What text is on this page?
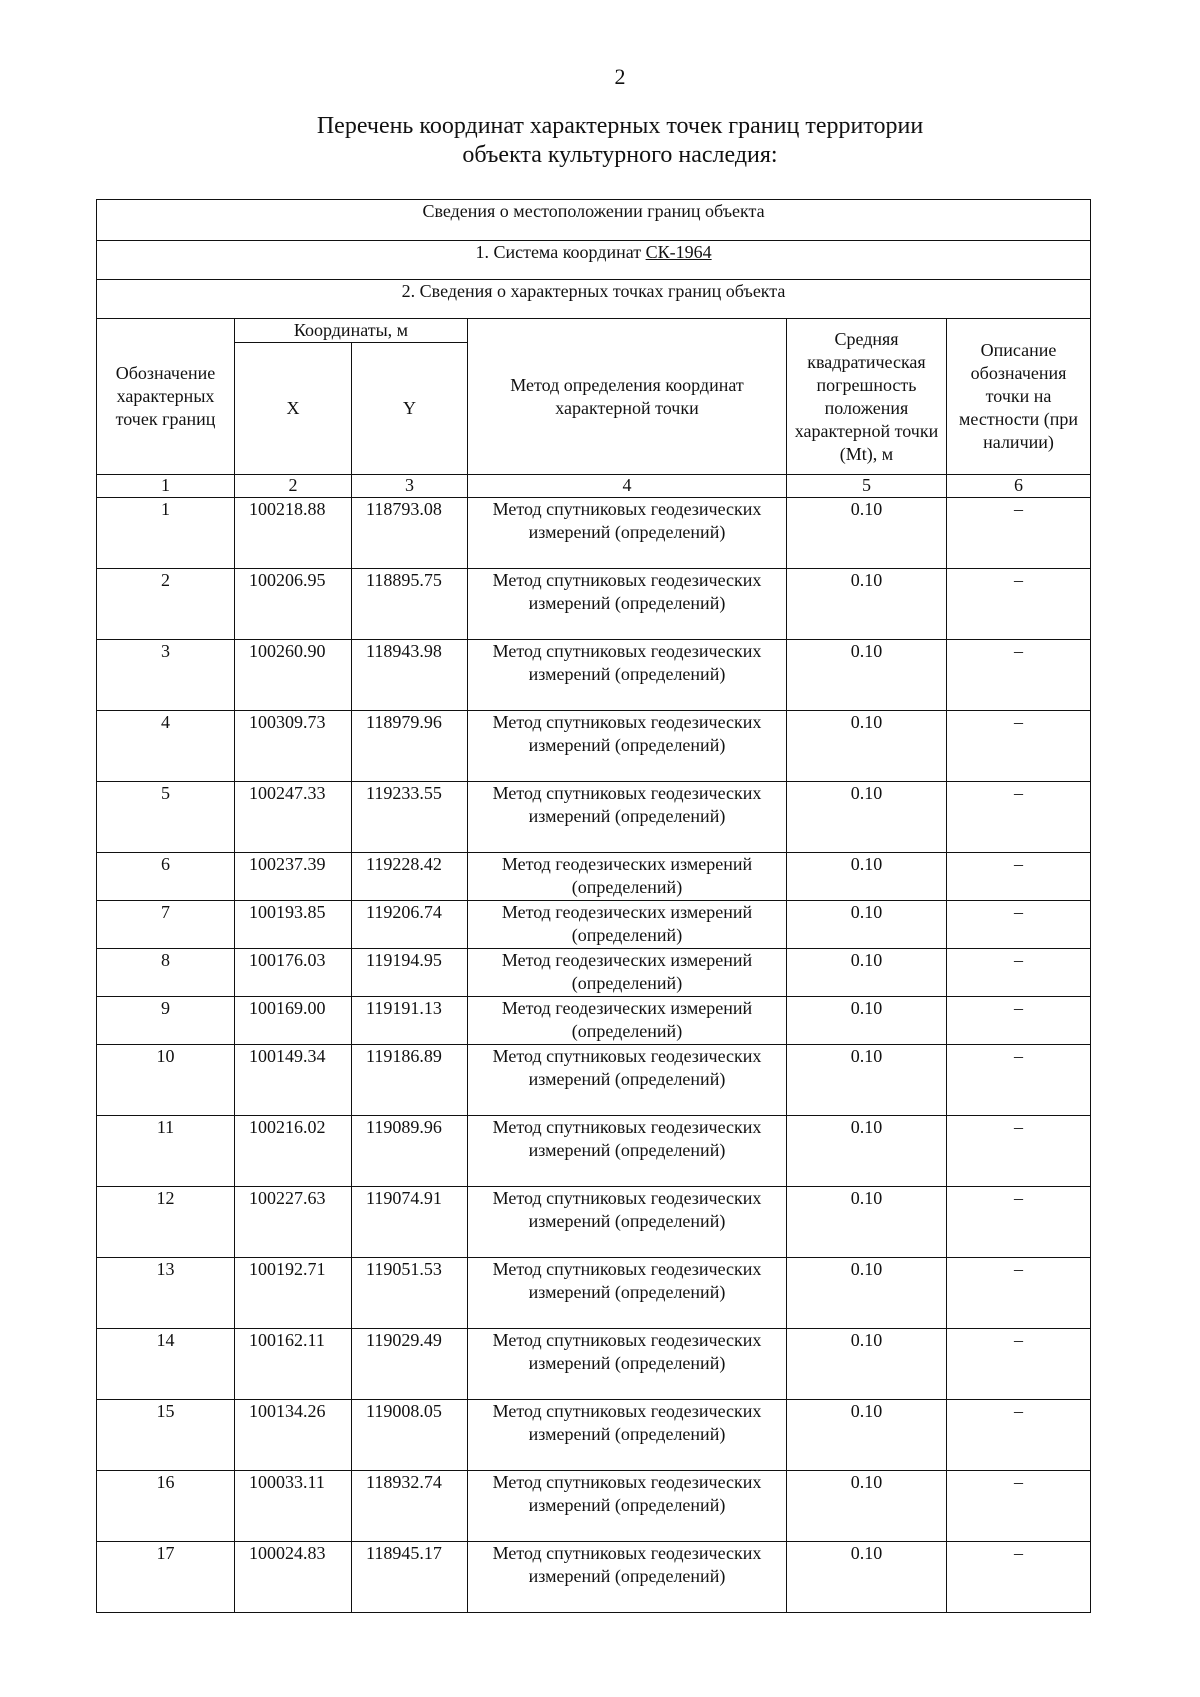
2
Перечень координат характерных точек границ территории
объекта культурного наследия:
Сведения о местоположении границ объекта					
1. Система координат СК-1964					
2. Сведения о характерных точках границ объекта					
Обозначение характерных точек границ	Координаты, м		Метод определения координат характерной точки	Средняя квадратическая погрешность положения характерной точки (Mt), м	Описание обозначения точки на местности (при наличии)
	X	Y			
1	2	3	4	5	6
1	100218.88	118793.08	Метод спутниковых геодезических измерений (определений)	0.10	–
2	100206.95	118895.75	Метод спутниковых геодезических измерений (определений)	0.10	–
3	100260.90	118943.98	Метод спутниковых геодезических измерений (определений)	0.10	–
4	100309.73	118979.96	Метод спутниковых геодезических измерений (определений)	0.10	–
5	100247.33	119233.55	Метод спутниковых геодезических измерений (определений)	0.10	–
6	100237.39	119228.42	Метод геодезических измерений (определений)	0.10	–
7	100193.85	119206.74	Метод геодезических измерений (определений)	0.10	–
8	100176.03	119194.95	Метод геодезических измерений (определений)	0.10	–
9	100169.00	119191.13	Метод геодезических измерений (определений)	0.10	–
10	100149.34	119186.89	Метод спутниковых геодезических измерений (определений)	0.10	–
11	100216.02	119089.96	Метод спутниковых геодезических измерений (определений)	0.10	–
12	100227.63	119074.91	Метод спутниковых геодезических измерений (определений)	0.10	–
13	100192.71	119051.53	Метод спутниковых геодезических измерений (определений)	0.10	–
14	100162.11	119029.49	Метод спутниковых геодезических измерений (определений)	0.10	–
15	100134.26	119008.05	Метод спутниковых геодезических измерений (определений)	0.10	–
16	100033.11	118932.74	Метод спутниковых геодезических измерений (определений)	0.10	–
17	100024.83	118945.17	Метод спутниковых геодезических измерений (определений)	0.10	–
